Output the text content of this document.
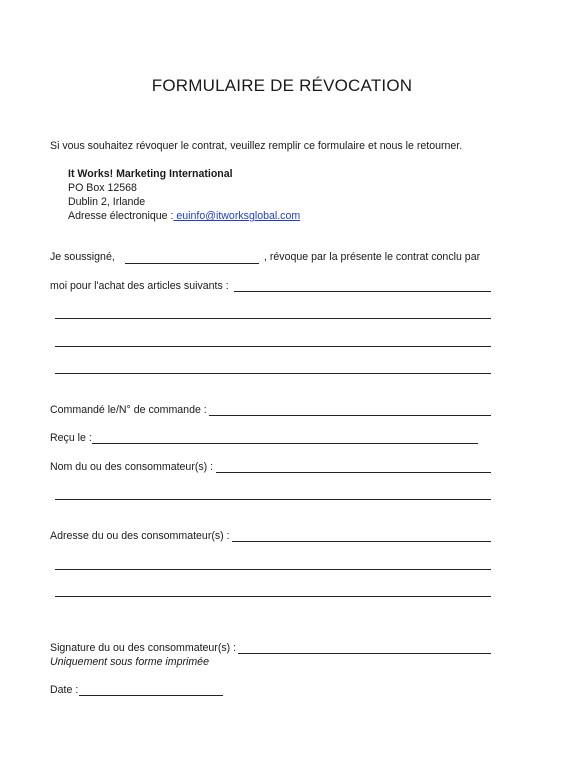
FORMULAIRE DE RÉVOCATION
Si vous souhaitez révoquer le contrat, veuillez remplir ce formulaire et nous le retourner.
It Works! Marketing International
PO Box 12568
Dublin 2, Irlande
Adresse électronique : euinfo@itworksglobal.com
Je soussigné,	, révoque par la présente le contrat conclu par
moi pour l'achat des articles suivants :
Commandé le/N° de commande :
Reçu le :
Nom du ou des consommateur(s) :
Adresse du ou des consommateur(s) :
Signature du ou des consommateur(s) :
Uniquement sous forme imprimée
Date :
